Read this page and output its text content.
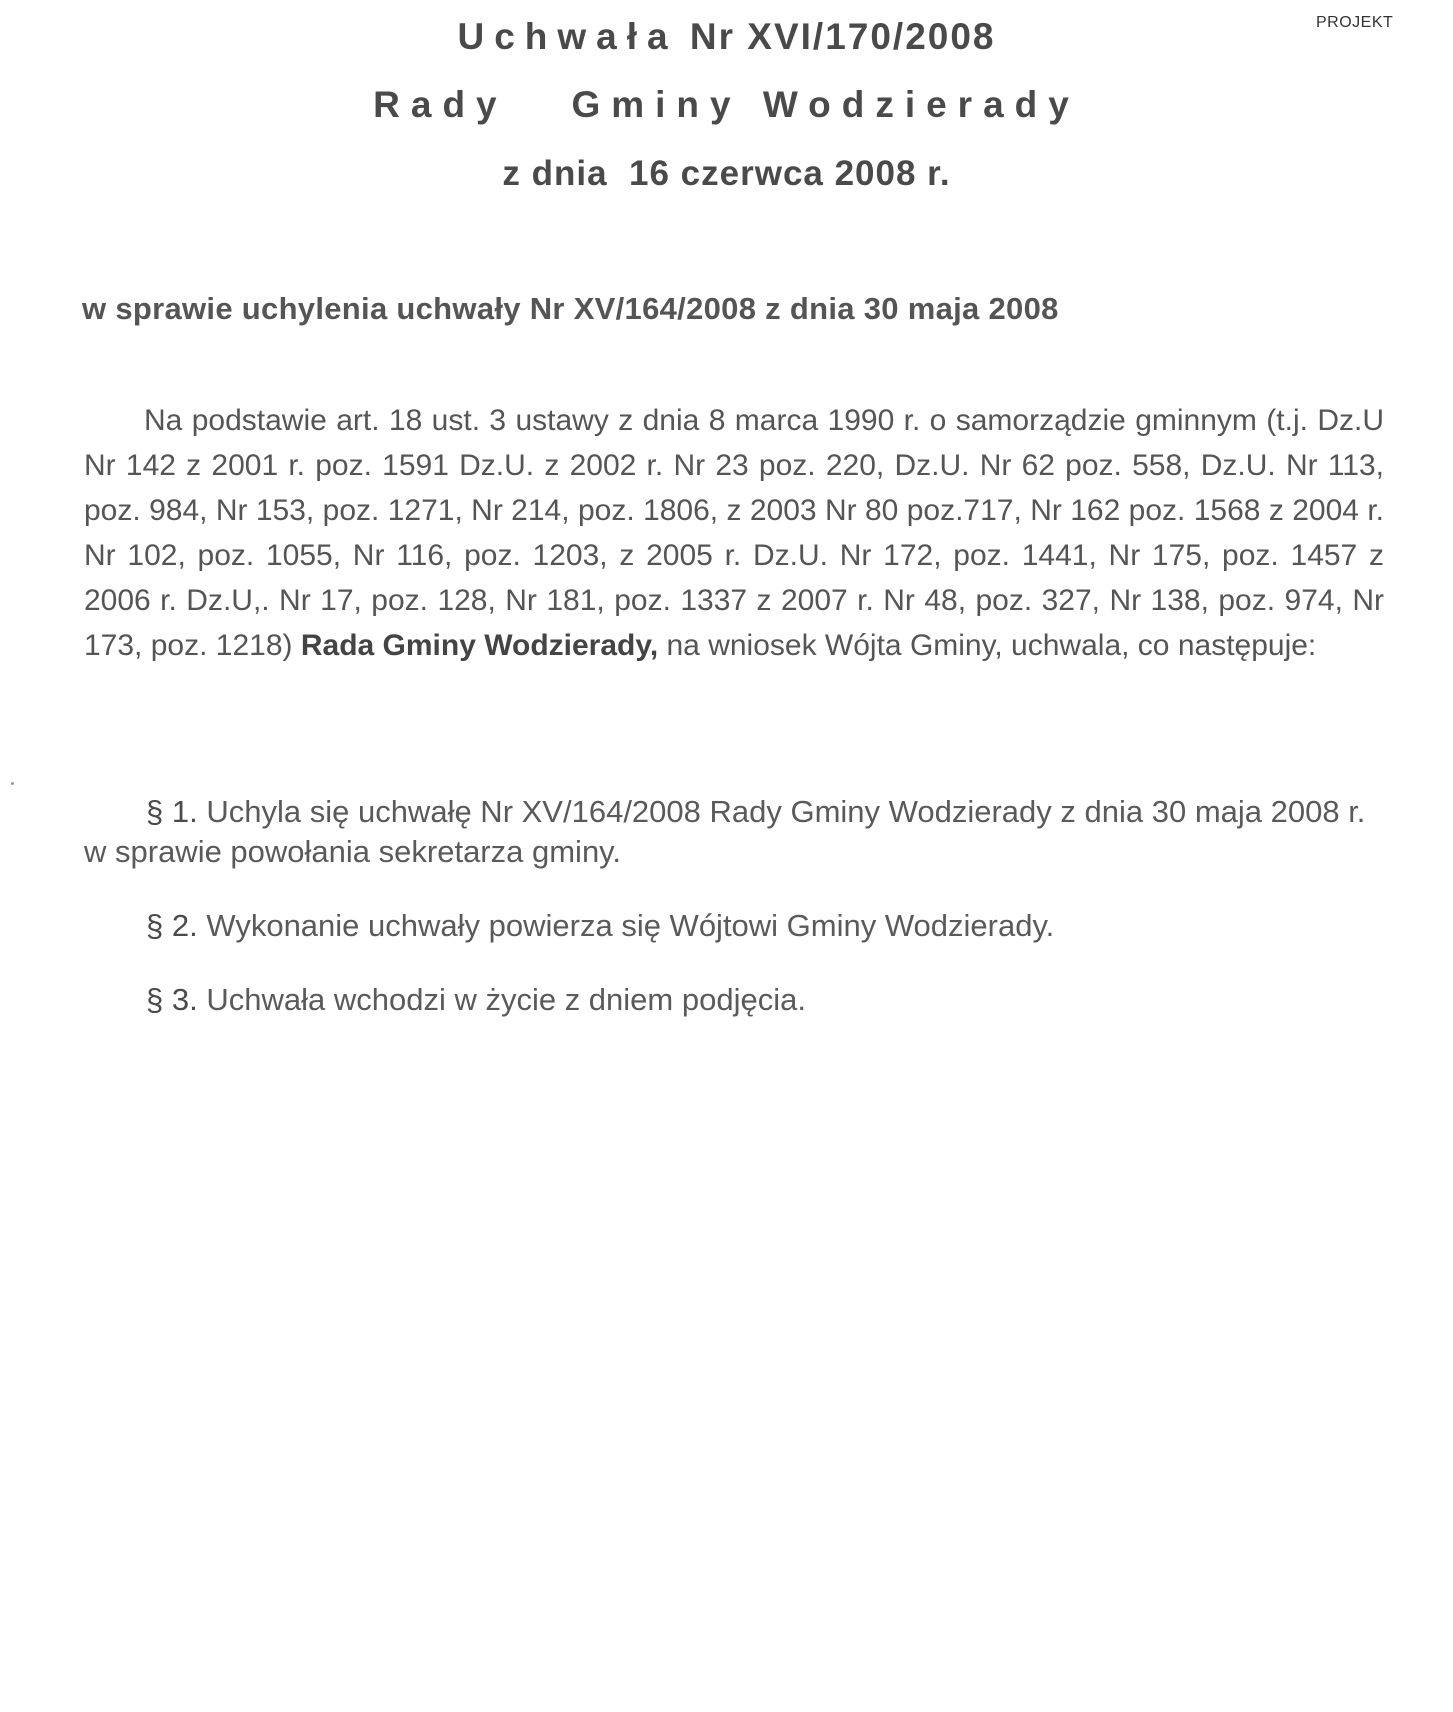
PROJEKT
Uchwała Nr XVI/170/2008
Rady   Gminy Wodzierady
z dnia  16 czerwca 2008 r.
w sprawie uchylenia uchwały Nr XV/164/2008 z dnia 30 maja 2008
Na podstawie art. 18 ust. 3 ustawy z dnia 8 marca 1990 r. o samorządzie gminnym (t.j. Dz.U Nr 142 z 2001 r. poz. 1591 Dz.U. z 2002 r. Nr 23 poz. 220, Dz.U. Nr 62 poz. 558, Dz.U. Nr 113, poz. 984, Nr 153, poz. 1271, Nr 214, poz. 1806, z 2003 Nr 80 poz.717, Nr 162 poz. 1568 z 2004 r. Nr 102, poz. 1055, Nr 116, poz. 1203, z 2005 r. Dz.U. Nr 172, poz. 1441, Nr 175, poz. 1457 z 2006 r. Dz.U,. Nr 17, poz. 128, Nr 181, poz. 1337 z 2007 r. Nr 48, poz. 327, Nr 138, poz. 974, Nr 173, poz. 1218) Rada Gminy Wodzierady, na wniosek Wójta Gminy, uchwala, co następuje:
§ 1. Uchyla się uchwałę Nr XV/164/2008 Rady Gminy Wodzierady z dnia 30 maja 2008 r. w sprawie powołania sekretarza gminy.
§ 2. Wykonanie uchwały powierza się Wójtowi Gminy Wodzierady.
§ 3. Uchwała wchodzi w życie z dniem podjęcia.
